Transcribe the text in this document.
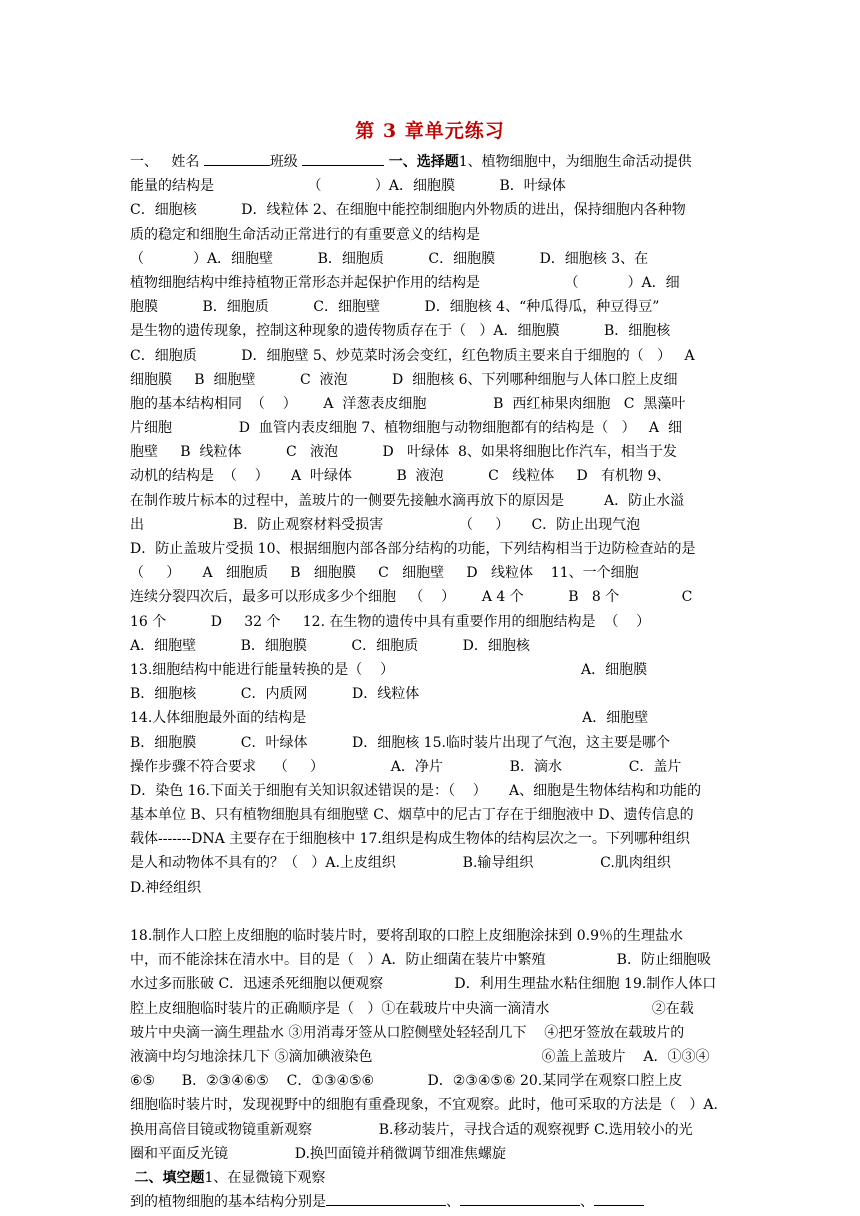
第 3 章单元练习
一、   姓名	班级	一、选择题1、植物细胞中，为细胞生命活动提供
能量的结构是                     （            ）A．细胞膜          B．叶绿体
C．细胞核          D．线粒体 2、在细胞中能控制细胞内外物质的进出，保持细胞内各种物
质的稳定和细胞生命活动正常进行的有重要意义的结构是
（           ）A．细胞壁          B．细胞质          C．细胞膜          D．细胞核 3、在
植物细胞结构中维持植物正常形态并起保护作用的结构是                   （           ）A．细
胞膜          B．细胞质          C．细胞壁          D．细胞核 4、“种瓜得瓜，种豆得豆”
是生物的遗传现象，控制这种现象的遗传物质存在于（   ）A．细胞膜          B．细胞核
C．细胞质          D．细胞壁 5、炒苋菜时汤会变红，红色物质主要来自于细胞的（   ）   A
细胞膜     B  细胞壁          C  液泡          D  细胞核 6、下列哪种细胞与人体口腔上皮细
胞的基本结构相同  （    ）      A  洋葱表皮细胞               B  西红柿果肉细胞   C  黑藻叶
片细胞               D  血管内表皮细胞 7、植物细胞与动物细胞都有的结构是（   ）   A  细
胞壁     B  线粒体          C   液泡          D   叶绿体  8、如果将细胞比作汽车，相当于发
动机的结构是  （    ）     A  叶绿体          B  液泡          C   线粒体     D   有机物 9、
在制作玻片标本的过程中，盖玻片的一侧要先接触水滴再放下的原因是         A．防止水溢
出                    B．防止观察材料受损害                 （     ）     C．防止出现气泡
D．防止盖玻片受损 10、根据细胞内部各部分结构的功能，下列结构相当于边防检查站的是
（     ）     A   细胞质     B   细胞膜     C   细胞壁     D   线粒体    11、一个细胞
连续分裂四次后，最多可以形成多少个细胞   （    ）      A 4 个          B   8 个              C
16 个          D     32 个     12. 在生物的遗传中具有重要作用的细胞结构是  （    ）
A．细胞壁          B．细胞膜          C．细胞质          D．细胞核
13.细胞结构中能进行能量转换的是（    ）                                          A．细胞膜
B．细胞核          C．内质网          D．线粒体
14.人体细胞最外面的结构是                                                              A．细胞壁
B．细胞膜          C．叶绿体          D．细胞核 15.临时装片出现了气泡，这主要是哪个
操作步骤不符合要求    （     ）               A．净片               B．滴水               C．盖片
D．染色 16.下面关于细胞有关知识叙述错误的是：（    ）     A、细胞是生物体结构和功能的
基本单位 B、只有植物细胞具有细胞壁 C、烟草中的尼古丁存在于细胞液中 D、遗传信息的
载体-------DNA 主要存在于细胞核中 17.组织是构成生物体的结构层次之一。下列哪种组织
是人和动物体不具有的？（   ）A.上皮组织               B.输导组织               C.肌肉组织
D.神经组织
18.制作人口腔上皮细胞的临时装片时，要将刮取的口腔上皮细胞涂抹到 0.9％的生理盐水
中，而不能涂抹在清水中。目的是（   ）A．防止细菌在装片中繁殖                B．防止细胞吸
水过多而胀破 C．迅速杀死细胞以便观察                D．利用生理盐水粘住细胞 19.制作人体口
腔上皮细胞临时装片的正确顺序是（   ）①在载玻片中央滴一滴清水                       ②在载
玻片中央滴一滴生理盐水 ③用消毒牙签从口腔侧壁处轻轻刮几下    ④把牙签放在载玻片的
液滴中均匀地涂抹几下 ⑤滴加碘液染色                                      ⑥盖上盖玻片    A．①③④
⑥⑤      B．②③④⑥⑤    C．①③④⑤⑥            D．②③④⑤⑥ 20.某同学在观察口腔上皮
细胞临时装片时，发现视野中的细胞有重叠现象，不宜观察。此时，他可采取的方法是（   ）A.
换用高倍目镜或物镜重新观察               B.移动装片，寻找合适的观察视野 C.选用较小的光
圈和平面反光镜               D.换凹面镜并稍微调节细准焦螺旋
二、填空题1、在显微镜下观察
到的植物细胞的基本结构分别是	、	、
